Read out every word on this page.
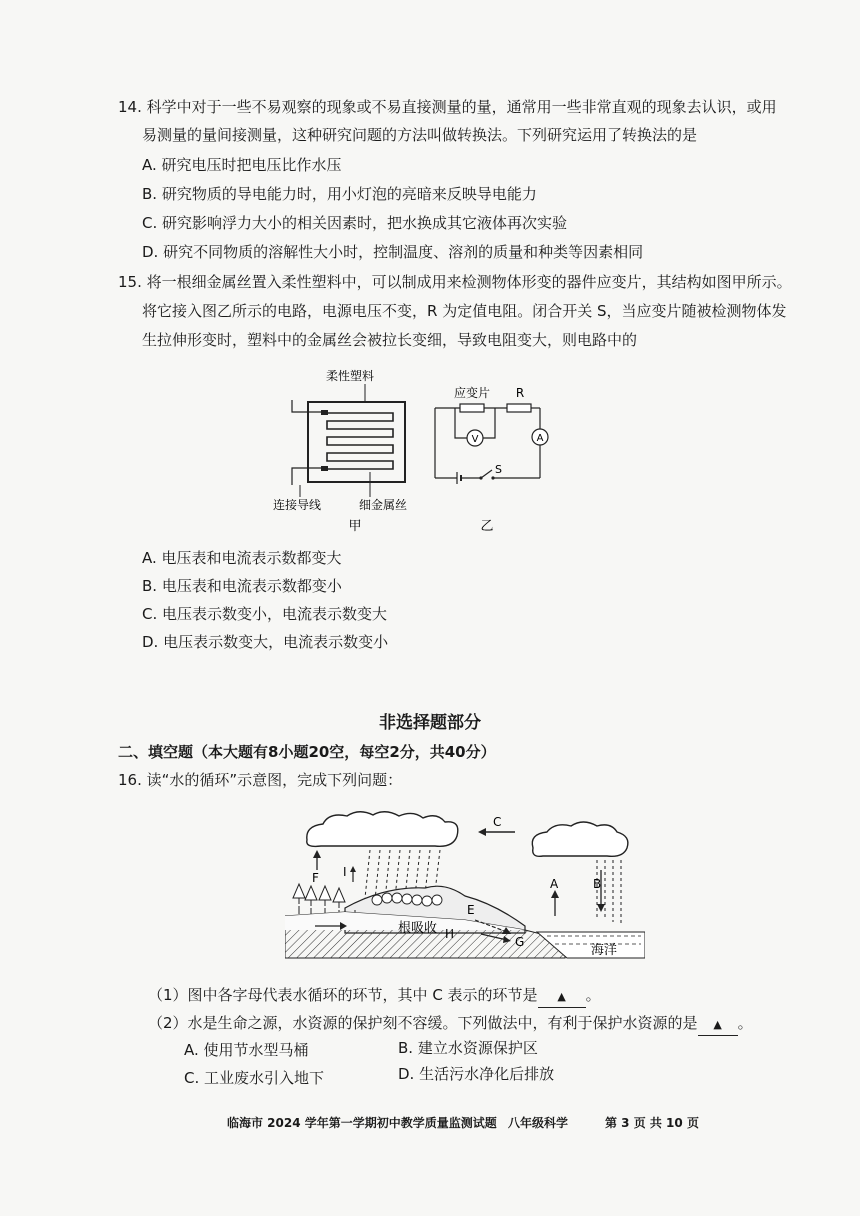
14. 科学中对于一些不易观察的现象或不易直接测量的量，通常用一些非常直观的现象去认识，或用
易测量的量间接测量，这种研究问题的方法叫做转换法。下列研究运用了转换法的是
A. 研究电压时把电压比作水压
B. 研究物质的导电能力时，用小灯泡的亮暗来反映导电能力
C. 研究影响浮力大小的相关因素时，把水换成其它液体再次实验
D. 研究不同物质的溶解性大小时，控制温度、溶剂的质量和种类等因素相同
15. 将一根细金属丝置入柔性塑料中，可以制成用来检测物体形变的器件应变片，其结构如图甲所示。
将它接入图乙所示的电路，电源电压不变，R 为定值电阻。闭合开关 S，当应变片随被检测物体发
生拉伸形变时，塑料中的金属丝会被拉长变细，导致电阻变大，则电路中的
柔性塑料
连接导线	细金属丝
甲
应变片 R
V	A
S
乙
A. 电压表和电流表示数都变大
B. 电压表和电流表示数都变小
C. 电压表示数变小，电流表示数变大
D. 电压表示数变大，电流表示数变小
非选择题部分
二、填空题（本大题有8小题20空，每空2分，共40分）
16. 读“水的循环”示意图，完成下列问题：
C
B
A
F I
根吸收 H
E
G
海洋
（1）图中各字母代表水循环的环节，其中 C 表示的环节是 ▲ 。
（2）水是生命之源，水资源的保护刻不容缓。下列做法中，有利于保护水资源的是 ▲ 。
A. 使用节水型马桶	B. 建立水资源保护区
C. 工业废水引入地下	D. 生活污水净化后排放
临海市 2024 学年第一学期初中教学质量监测试题 八年级科学	第 3 页 共 10 页
